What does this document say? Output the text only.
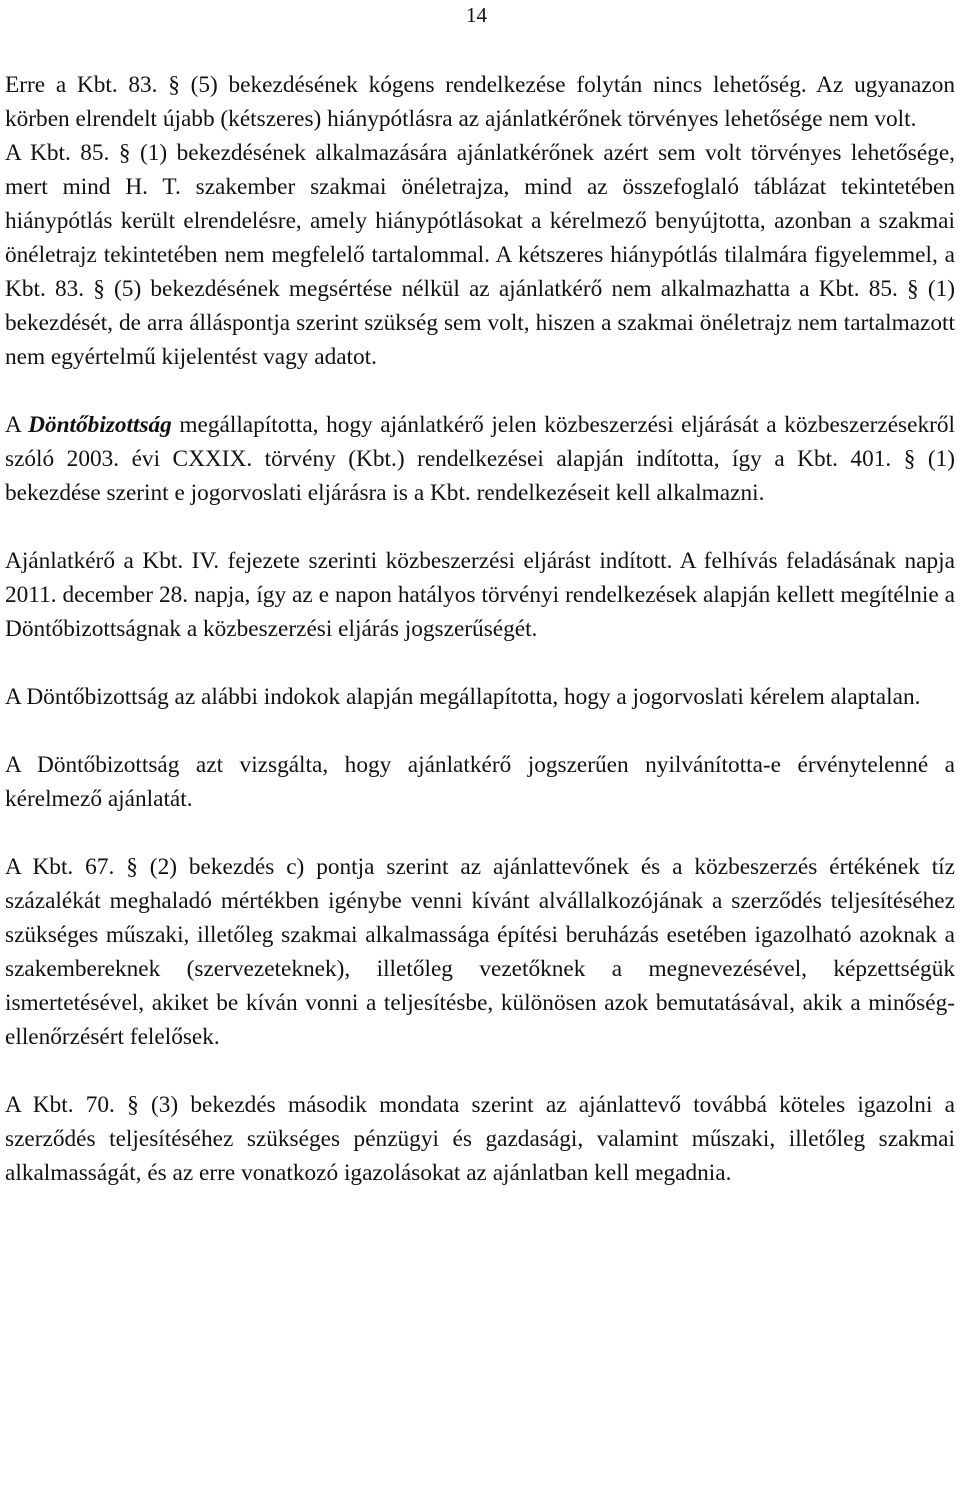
14

Erre a Kbt. 83. § (5) bekezdésének kógens rendelkezése folytán nincs lehetőség. Az ugyanazon körben elrendelt újabb (kétszeres) hiánypótlásra az ajánlatkérőnek törvényes lehetősége nem volt.

A Kbt. 85. § (1) bekezdésének alkalmazására ajánlatkérőnek azért sem volt törvényes lehetősége, mert mind H. T. szakember szakmai önéletrajza, mind az összefoglaló táblázat tekintetében hiánypótlás került elrendelésre, amely hiánypótlásokat a kérelmező benyújtotta, azonban a szakmai önéletrajz tekintetében nem megfelelő tartalommal. A kétszeres hiánypótlás tilalmára figyelemmel, a Kbt. 83. § (5) bekezdésének megsértése nélkül az ajánlatkérő nem alkalmazhatta a Kbt. 85. § (1) bekezdését, de arra álláspontja szerint szükség sem volt, hiszen a szakmai önéletrajz nem tartalmazott nem egyértelmű kijelentést vagy adatot.

A Döntőbizottság megállapította, hogy ajánlatkérő jelen közbeszerzési eljárását a közbeszerzésekről szóló 2003. évi CXXIX. törvény (Kbt.) rendelkezései alapján indította, így a Kbt. 401. § (1) bekezdése szerint e jogorvoslati eljárásra is a Kbt. rendelkezéseit kell alkalmazni.

Ajánlatkérő a Kbt. IV. fejezete szerinti közbeszerzési eljárást indított. A felhívás feladásának napja 2011. december 28. napja, így az e napon hatályos törvényi rendelkezések alapján kellett megítélnie a Döntőbizottságnak a közbeszerzési eljárás jogszerűségét.

A Döntőbizottság az alábbi indokok alapján megállapította, hogy a jogorvoslati kérelem alaptalan.

A Döntőbizottság azt vizsgálta, hogy ajánlatkérő jogszerűen nyilvánította-e érvénytelenné a kérelmező ajánlatát.

A Kbt. 67. § (2) bekezdés c) pontja szerint az ajánlattevőnek és a közbeszerzés értékének tíz százalékát meghaladó mértékben igénybe venni kívánt alvállalkozójának a szerződés teljesítéséhez szükséges műszaki, illetőleg szakmai alkalmassága építési beruházás esetében igazolható azoknak a szakembereknek (szervezeteknek), illetőleg vezetőknek a megnevezésével, képzettségük ismertetésével, akiket be kíván vonni a teljesítésbe, különösen azok bemutatásával, akik a minőség-ellenőrzésért felelősek.

A Kbt. 70. § (3) bekezdés második mondata szerint az ajánlattevő továbbá köteles igazolni a szerződés teljesítéséhez szükséges pénzügyi és gazdasági, valamint műszaki, illetőleg szakmai alkalmasságát, és az erre vonatkozó igazolásokat az ajánlatban kell megadnia.
